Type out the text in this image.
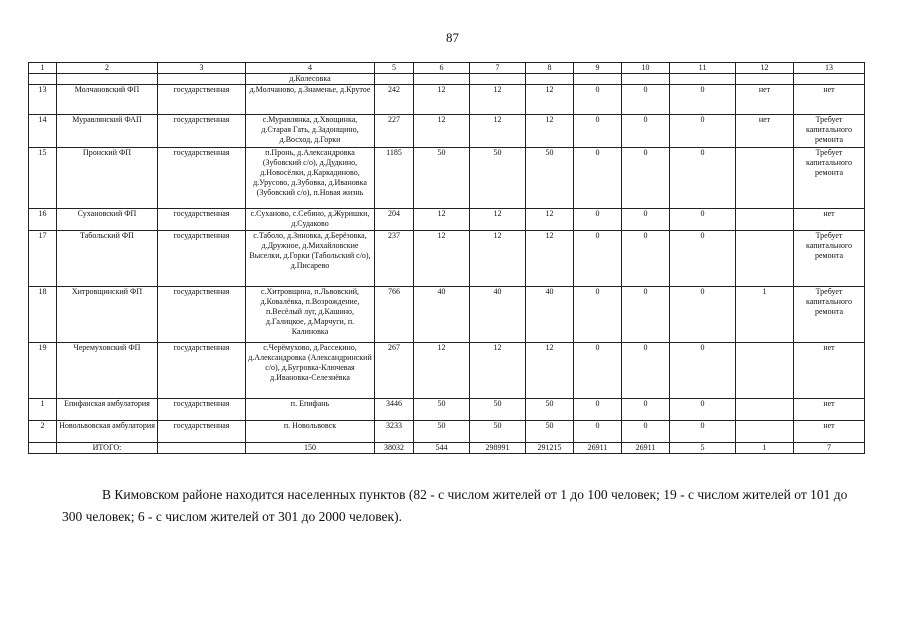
87
1	2	3	4	5	6	7	8	9	10	11	12	13
			д.Колесовка									
13	Молчановский ФП	государственная	д.Молчаново, д.Знаменье, д.Крутое	242	12	12	12	0	0	0	нет	нет
14	Муравлянский ФАП	государственная	с.Муравлянка, д.Хвощинка, д.Старая Гать, д.Задонщино, д.Восход, д.Горки	227	12	12	12	0	0	0	нет	Требует капитального ремонта
15	Пронский ФП	государственная	п.Пронь, д.Александровка (Зубовский с/о), д.Дудкино, д.Новосёлки, д.Каркадиново, д.Урусово, д.Зубовка, д.Ивановка (Зубовский с/о), п.Новая жизнь	1185	50	50	50	0	0	0		Требует капитального ремонта
16	Сухановский ФП	государственная	с.Суханово, с.Себино, д.Журишки, д.Судаково	204	12	12	12	0	0	0		нет
17	Табольский ФП	государственная	с.Таболо, д.Зиновка, д.Берёзовка, д.Дружное, д.Михайловские Выселки, д.Горки (Табольский с/о), д.Писарево	237	12	12	12	0	0	0		Требует капитального ремонта
18	Хитровщинский ФП	государственная	с.Хитровщина, п.Львовский, д.Ковалёвка, п.Возрождение, п.Весёлый луг, д.Кашино, д.Галицкое, д.Марчуги, п. Калиновка	766	40	40	40	0	0	0	1	Требует капитального ремонта
19	Черемуховский ФП	государственная	с.Черёмухово, д.Рассекино, д.Александровка (Александринский с/о), д.Бугровка-Ключевая д.Ивановка-Селезнёвка	267	12	12	12	0	0	0		нет
1	Епифанская амбулатория	государственная	п. Епифань	3446	50	50	50	0	0	0		нет
2	Новольвовская амбулатория	государственная	п. Новольвовск	3233	50	50	50	0	0	0		нет
	ИТОГО:		150	38032	544	298991	291215	26911	26911	5	1	7
В Кимовском районе находится населенных пунктов (82 - с числом жителей от 1 до 100 человек; 19 - с числом жителей от 101 до 300 человек; 6 - с числом жителей от 301 до 2000 человек).
